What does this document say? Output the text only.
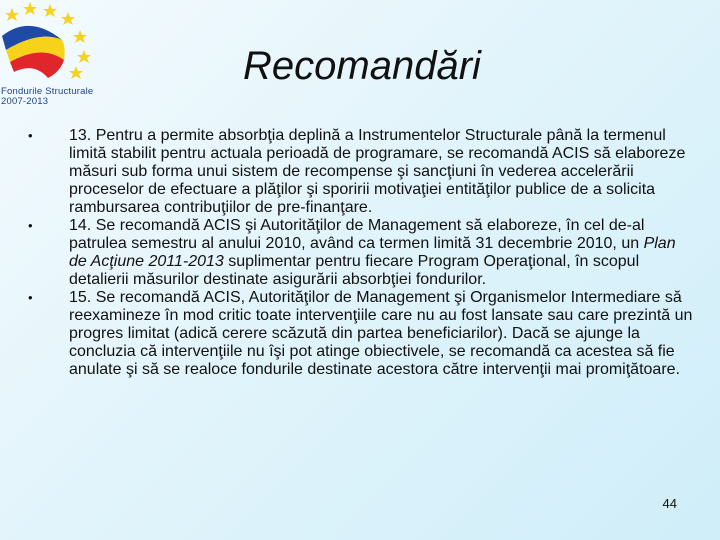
Fondurile Structurale
2007-2013
Recomandări
• 13. Pentru a permite absorbţia deplină a Instrumentelor Structurale până la termenul limită stabilit pentru actuala perioadă de programare, se recomandă ACIS să elaboreze măsuri sub forma unui sistem de recompense şi sancţiuni în vederea accelerării proceselor de efectuare a plăţilor şi sporirii motivaţiei entităţilor publice de a solicita rambursarea contribuţiilor de pre-finanţare.
• 14. Se recomandă ACIS şi Autorităţilor de Management să elaboreze, în cel de-al patrulea semestru al anului 2010, având ca termen limită 31 decembrie 2010, un Plan de Acţiune 2011-2013 suplimentar pentru fiecare Program Operaţional, în scopul detalierii măsurilor destinate asigurării absorbţiei fondurilor.
• 15. Se recomandă ACIS, Autorităţilor de Management şi Organismelor Intermediare să reexamineze în mod critic toate intervenţiile care nu au fost lansate sau care prezintă un progres limitat (adică cerere scăzută din partea beneficiarilor). Dacă se ajunge la concluzia că intervenţiile nu îşi pot atinge obiectivele, se recomandă ca acestea să fie anulate şi să se realoce fondurile destinate acestora către intervenţii mai promiţătoare.
44
